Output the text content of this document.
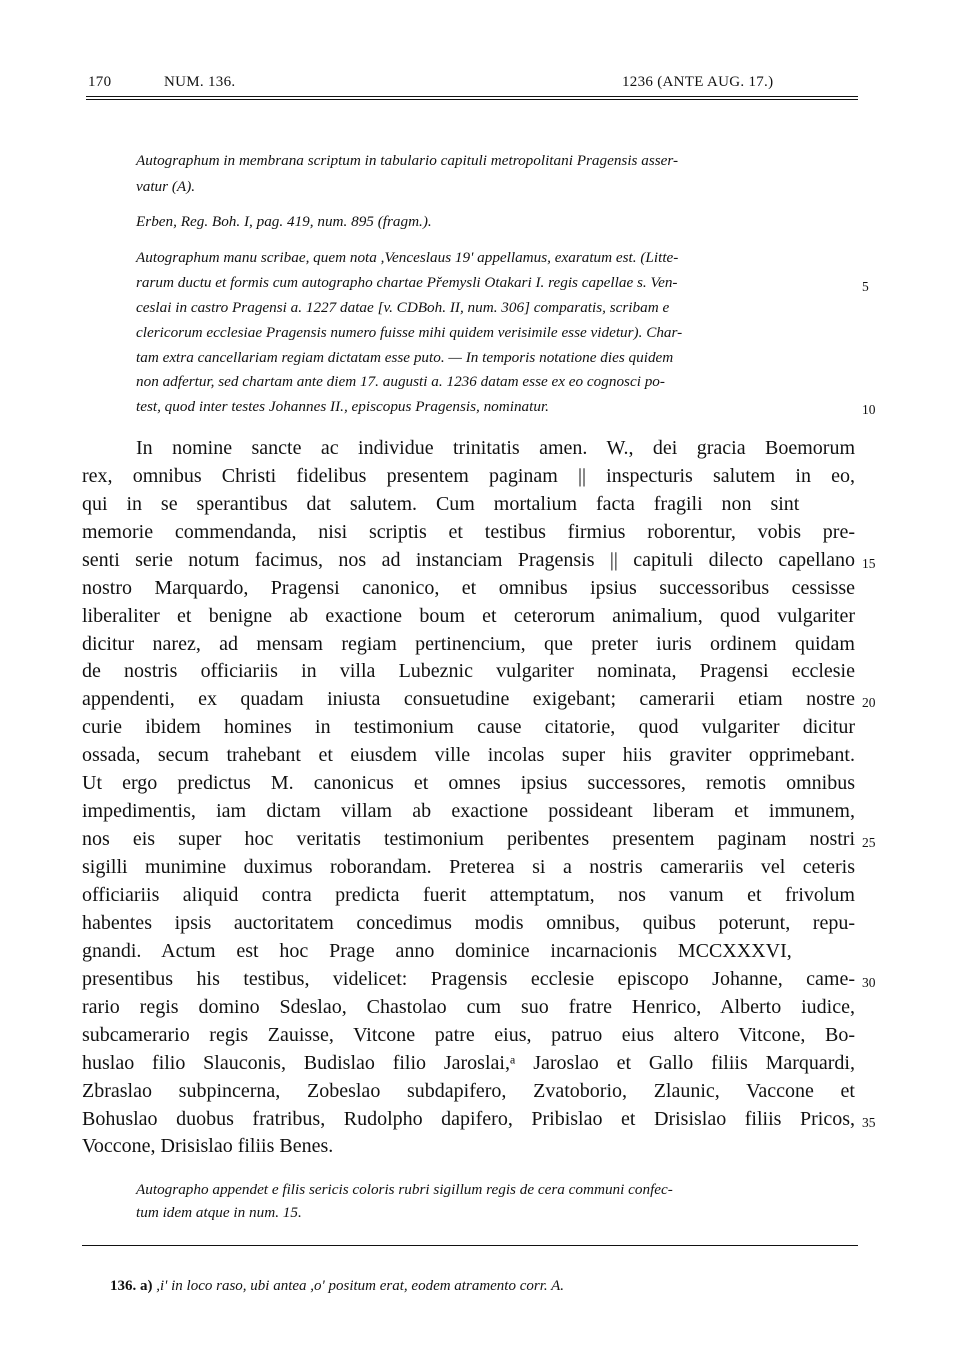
170	NUM. 136.	1236 (ANTE AUG. 17.)
Autographum in membrana scriptum in tabulario capituli metropolitani Pragensis asser-
vatur (A).
Erben, Reg. Boh. I, pag. 419, num. 895 (fragm.).
Autographum manu scribae, quem nota ,Venceslaus 19' appellamus, exaratum est. (Litte-
rarum ductu et formis cum autographo chartae Přemysli Otakari I. regis capellae s. Ven-
ceslai in castro Pragensi a. 1227 datae [v. CDBoh. II, num. 306] comparatis, scribam e
clericorum ecclesiae Pragensis numero fuisse mihi quidem verisimile esse videtur). Char-
tam extra cancellariam regiam dictatam esse puto. — In temporis notatione dies quidem
non adfertur, sed chartam ante diem 17. augusti a. 1236 datam esse ex eo cognosci po-
test, quod inter testes Johannes II., episcopus Pragensis, nominatur.
In nomine sancte ac individue trinitatis amen. W., dei gracia Boemorum
rex, omnibus Christi fidelibus presentem paginam || inspecturis salutem in eo,
qui in se sperantibus dat salutem. Cum mortalium facta fragili non sint
memorie commendanda, nisi scriptis et testibus firmius roborentur, vobis pre-
senti serie notum facimus, nos ad instanciam Pragensis || capituli dilecto capellano
nostro Marquardo, Pragensi canonico, et omnibus ipsius successoribus cessisse
liberaliter et benigne ab exactione boum et ceterorum animalium, quod vulgariter
dicitur narez, ad mensam regiam pertinencium, que preter iuris ordinem quidam
de nostris officiariis in villa Lubeznic vulgariter nominata, Pragensi ecclesie
appendenti, ex quadam iniusta consuetudine exigebant; camerarii etiam nostre
curie ibidem homines in testimonium cause citatorie, quod vulgariter dicitur
ossada, secum trahebant et eiusdem ville incolas super hiis graviter opprimebant.
Ut ergo predictus M. canonicus et omnes ipsius successores, remotis omnibus
impedimentis, iam dictam villam ab exactione possideant liberam et immunem,
nos eis super hoc veritatis testimonium peribentes presentem paginam nostri
sigilli munimine duximus roborandam. Preterea si a nostris camerariis vel ceteris
officiariis aliquid contra predicta fuerit attemptatum, nos vanum et frivolum
habentes ipsis auctoritatem concedimus modis omnibus, quibus poterunt, repu-
gnandi. Actum est hoc Prage anno dominice incarnacionis MCCXXXVI,
presentibus his testibus, videlicet: Pragensis ecclesie episcopo Johanne, came-
rario regis domino Sdeslao, Chastolao cum suo fratre Henrico, Alberto iudice,
subcamerario regis Zauisse, Vitcone patre eius, patruo eius altero Vitcone, Bo-
huslao filio Slauconis, Budislao filio Jaroslai,ᵃ Jaroslao et Gallo filiis Marquardi,
Zbraslao subpincerna, Zobeslao subdapifero, Zvatoborio, Zlaunic, Vaccone et
Bohuslao duobus fratribus, Rudolpho dapifero, Pribislao et Drisislao filiis Pricos,
Voccone, Drisislao filiis Benes.
Autographo appendet e filis sericis coloris rubri sigillum regis de cera communi confec-
tum idem atque in num. 15.
5
10
15
20
25
30
35
136. a) ,i' in loco raso, ubi antea ,o' positum erat, eodem atramento corr. A.
